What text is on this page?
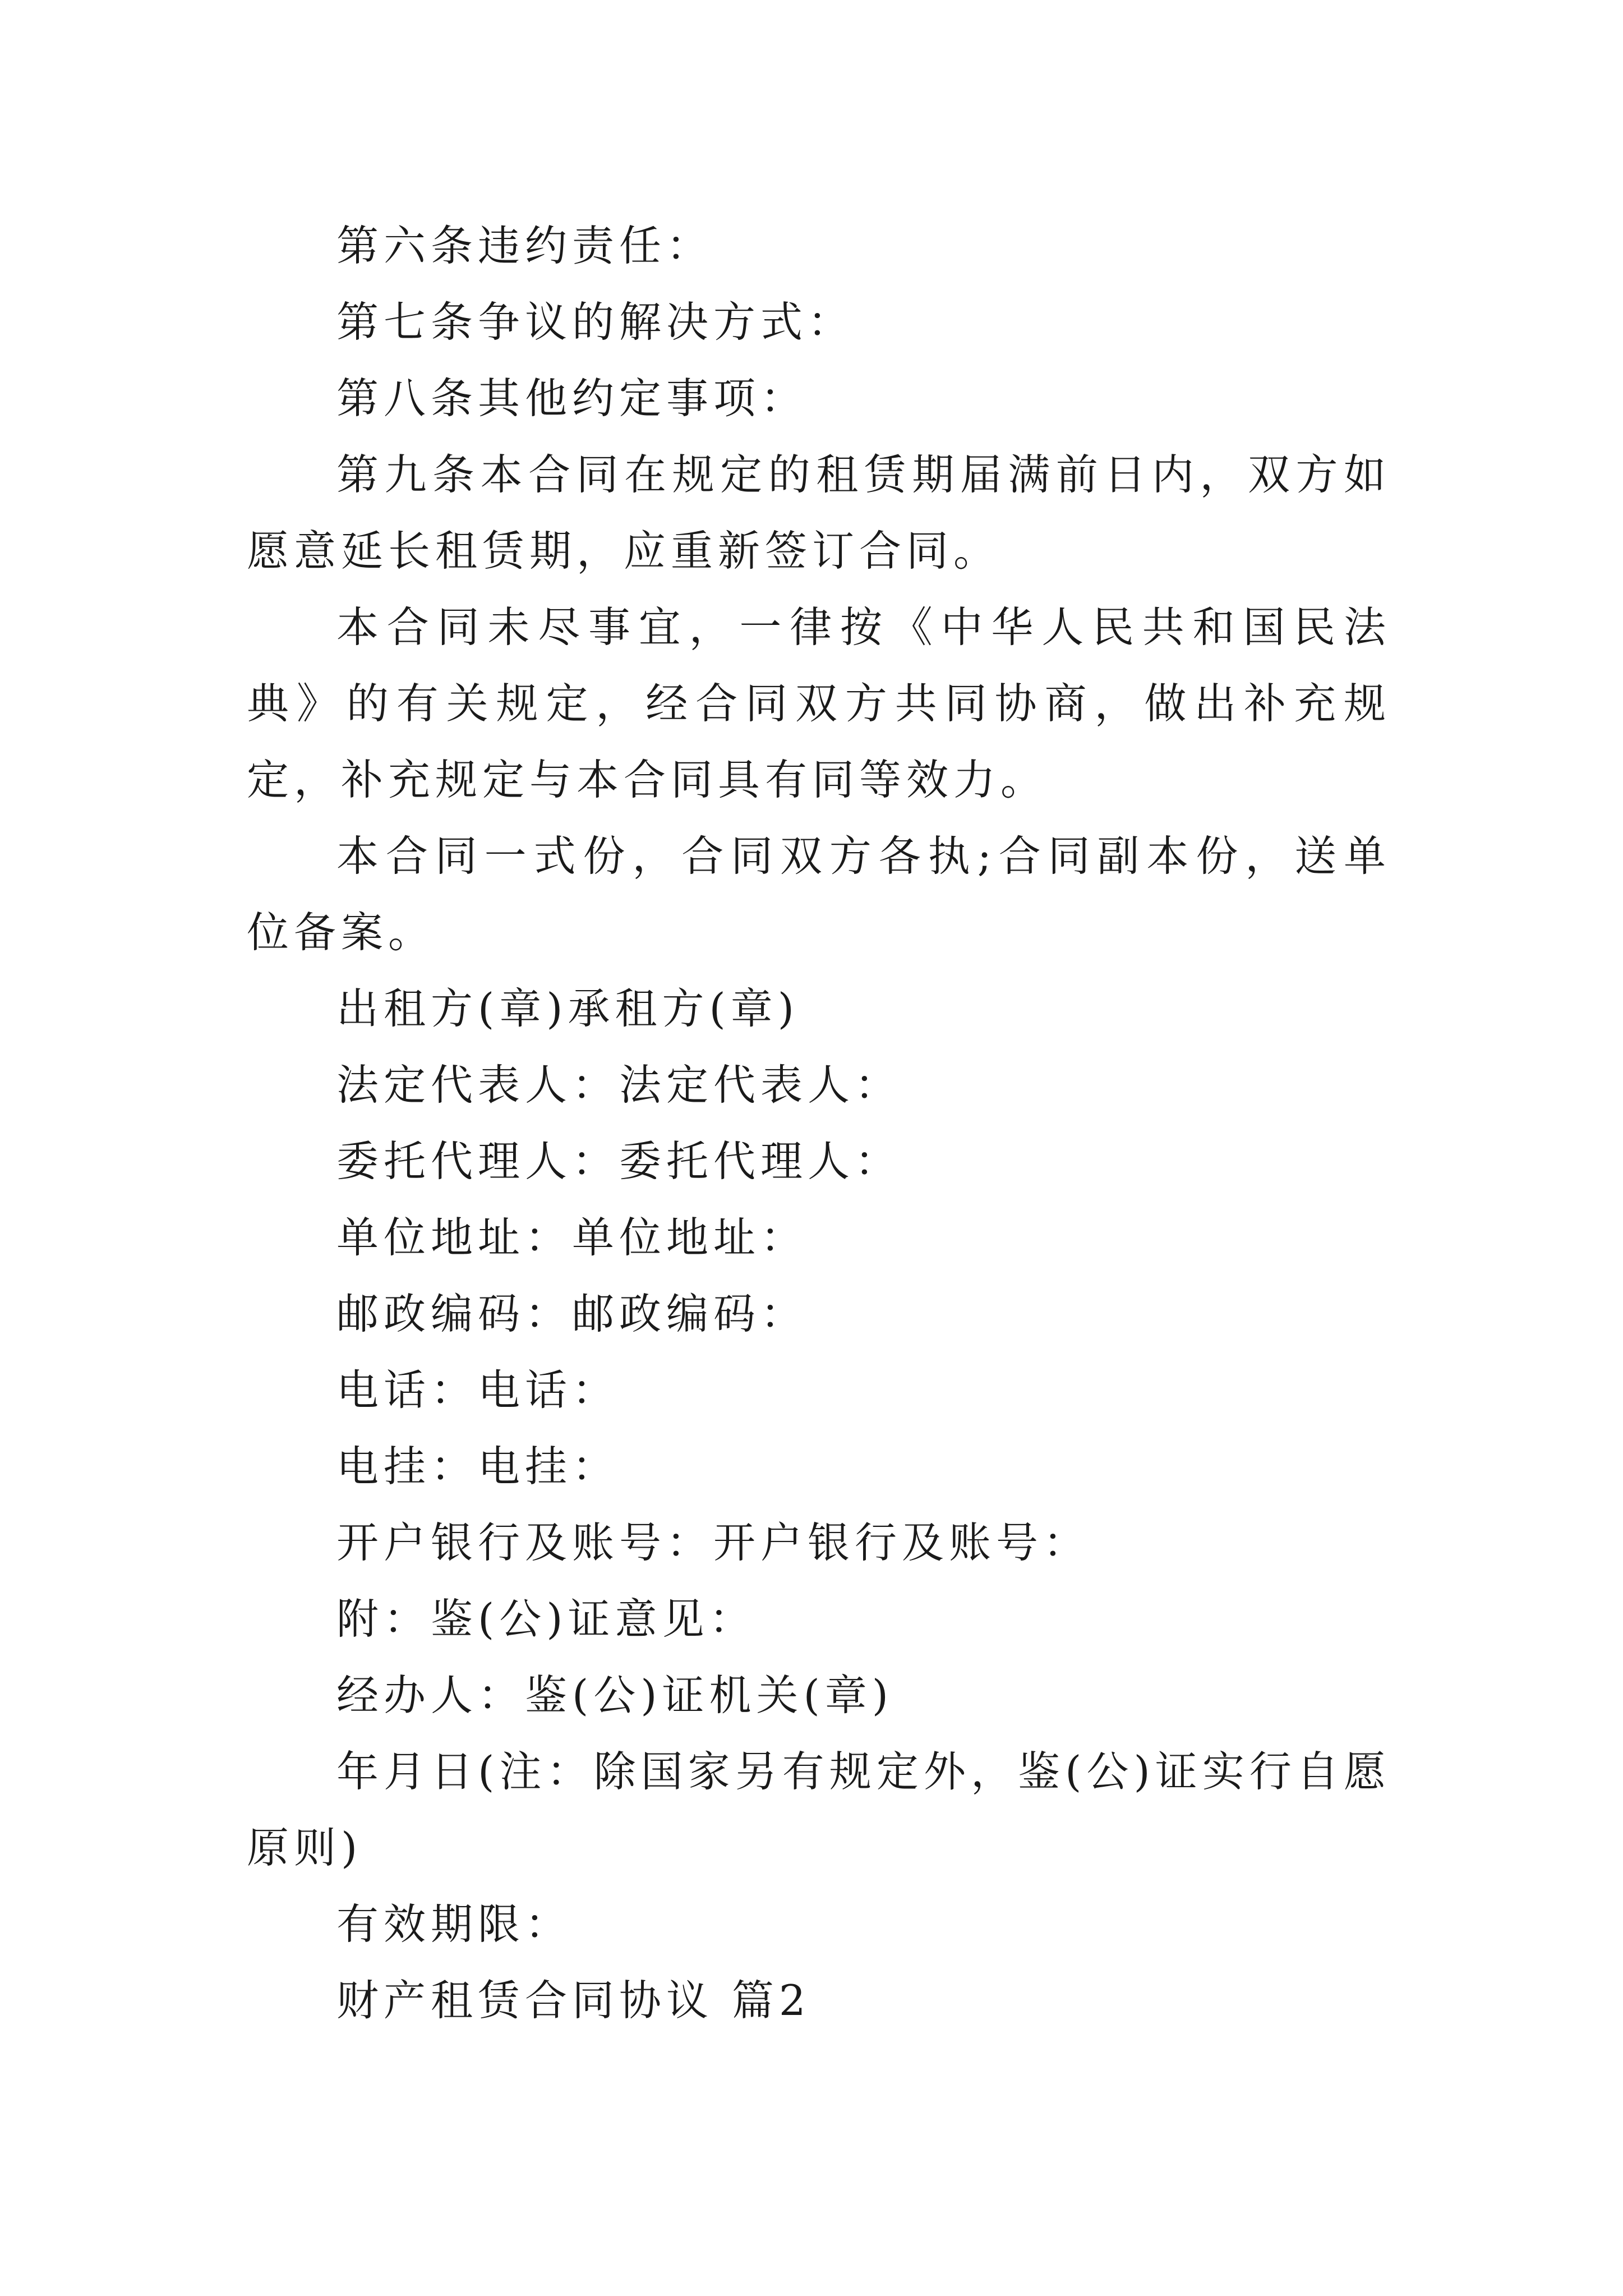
第六条违约责任：

第七条争议的解决方式：

第八条其他约定事项：

第九条本合同在规定的租赁期届满前日内，双方如愿意延长租赁期，应重新签订合同。

本合同未尽事宜，一律按《中华人民共和国民法典》的有关规定，经合同双方共同协商，做出补充规定，补充规定与本合同具有同等效力。

本合同一式份，合同双方各执;合同副本份，送单位备案。

出租方(章)承租方(章)

法定代表人：法定代表人：

委托代理人：委托代理人：

单位地址：单位地址：

邮政编码：邮政编码：

电话：电话：

电挂：电挂：

开户银行及账号：开户银行及账号：

附：鉴(公)证意见：

经办人：鉴(公)证机关(章)

年月日(注：除国家另有规定外，鉴(公)证实行自愿原则)

有效期限：

财产租赁合同协议 篇2
